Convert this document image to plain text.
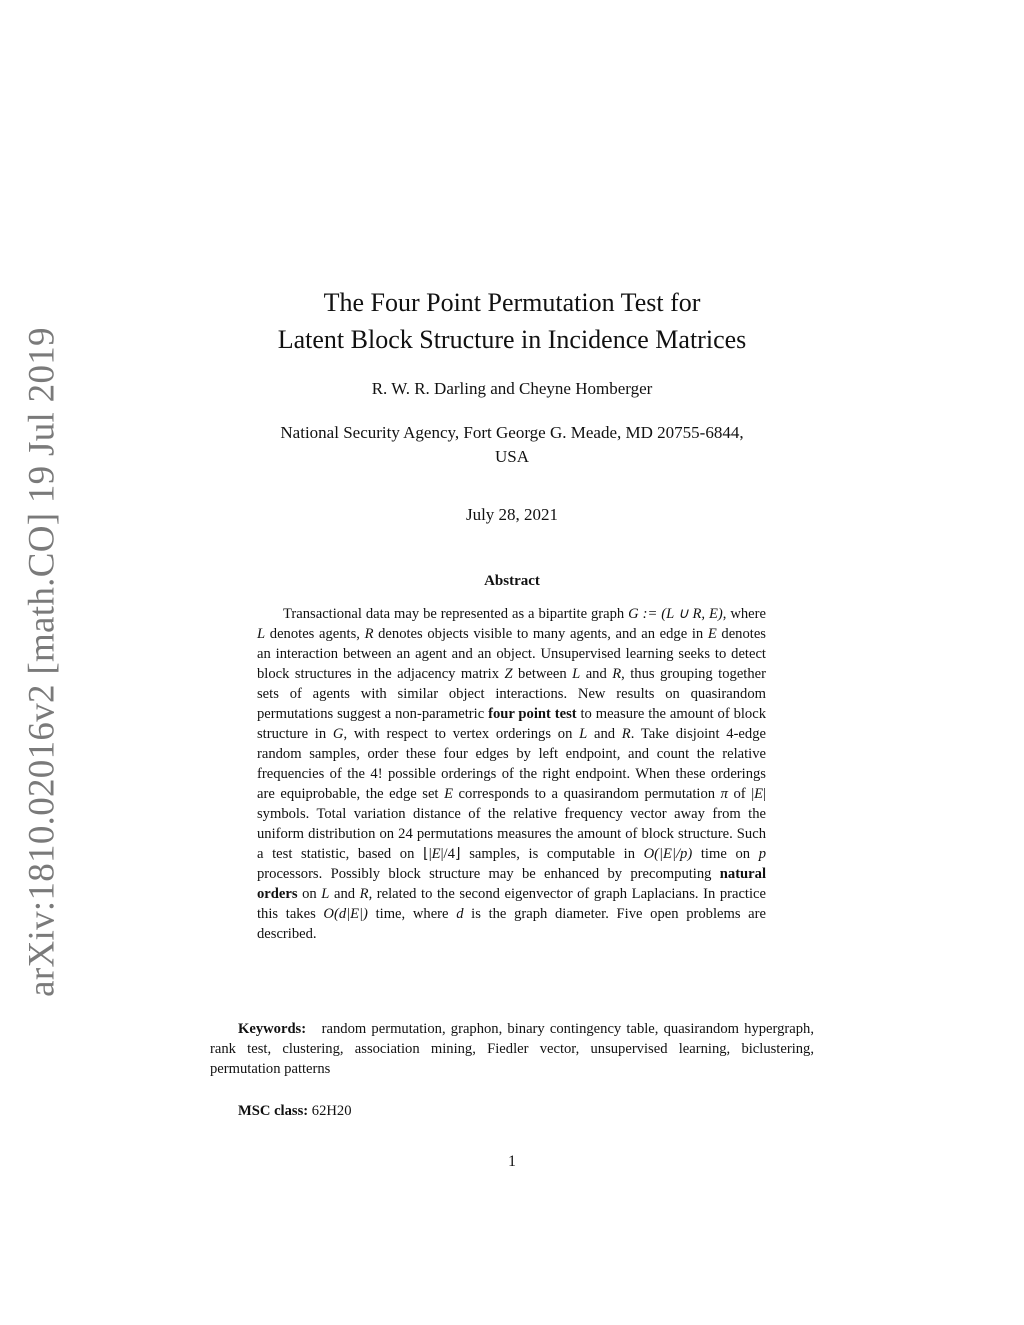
arXiv:1810.02016v2 [math.CO] 19 Jul 2019
The Four Point Permutation Test for
Latent Block Structure in Incidence Matrices
R. W. R. Darling and Cheyne Homberger
National Security Agency, Fort George G. Meade, MD 20755-6844,
USA
July 28, 2021
Abstract
Transactional data may be represented as a bipartite graph G := (L ∪ R, E), where L denotes agents, R denotes objects visible to many agents, and an edge in E denotes an interaction between an agent and an object. Unsupervised learning seeks to detect block structures in the adjacency matrix Z between L and R, thus grouping together sets of agents with similar object interactions. New results on quasirandom permutations suggest a non-parametric four point test to measure the amount of block structure in G, with respect to vertex orderings on L and R. Take disjoint 4-edge random samples, order these four edges by left endpoint, and count the relative frequencies of the 4! possible orderings of the right endpoint. When these orderings are equiprobable, the edge set E corresponds to a quasirandom permutation π of |E| symbols. Total variation distance of the relative frequency vector away from the uniform distribution on 24 permutations measures the amount of block structure. Such a test statistic, based on ⌊|E|/4⌋ samples, is computable in O(|E|/p) time on p processors. Possibly block structure may be enhanced by precomputing natural orders on L and R, related to the second eigenvector of graph Laplacians. In practice this takes O(d|E|) time, where d is the graph diameter. Five open problems are described.
Keywords: random permutation, graphon, binary contingency table, quasirandom hypergraph, rank test, clustering, association mining, Fiedler vector, unsupervised learning, biclustering, permutation patterns
MSC class: 62H20
1
